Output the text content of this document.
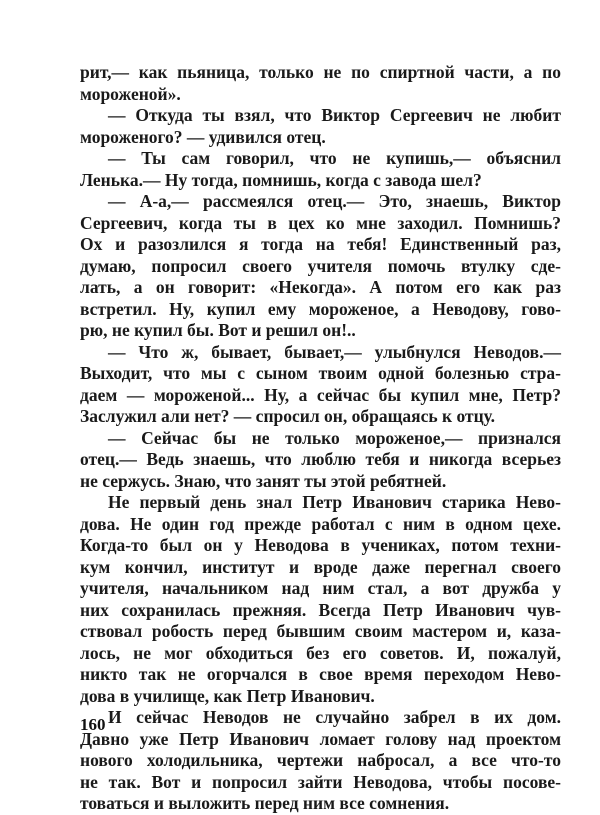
рит,— как пьяница, только не по спиртной части, а по
мороженой».
— Откуда ты взял, что Виктор Сергеевич не любит
мороженого? — удивился отец.
— Ты сам говорил, что не купишь,— объяснил
Ленька.— Ну тогда, помнишь, когда с завода шел?
— А-а,— рассмеялся отец.— Это, знаешь, Виктор
Сергеевич, когда ты в цех ко мне заходил. Помнишь?
Ох и разозлился я тогда на тебя! Единственный раз,
думаю, попросил своего учителя помочь втулку сде-
лать, а он говорит: «Некогда». А потом его как раз
встретил. Ну, купил ему мороженое, а Неводову, гово-
рю, не купил бы. Вот и решил он!..
— Что ж, бывает, бывает,— улыбнулся Неводов.—
Выходит, что мы с сыном твоим одной болезнью стра-
даем — мороженой... Ну, а сейчас бы купил мне, Петр?
Заслужил али нет? — спросил он, обращаясь к отцу.
— Сейчас бы не только мороженое,— признался
отец.— Ведь знаешь, что люблю тебя и никогда всерьез
не сержусь. Знаю, что занят ты этой ребятней.
Не первый день знал Петр Иванович старика Нево-
дова. Не один год прежде работал с ним в одном цехе.
Когда-то был он у Неводова в учениках, потом техни-
кум кончил, институт и вроде даже перегнал своего
учителя, начальником над ним стал, а вот дружба у
них сохранилась прежняя. Всегда Петр Иванович чув-
ствовал робость перед бывшим своим мастером и, каза-
лось, не мог обходиться без его советов. И, пожалуй,
никто так не огорчался в свое время переходом Нево-
дова в училище, как Петр Иванович.
И сейчас Неводов не случайно забрел в их дом.
Давно уже Петр Иванович ломает голову над проектом
нового холодильника, чертежи набросал, а все что-то
не так. Вот и попросил зайти Неводова, чтобы посове-
товаться и выложить перед ним все сомнения.
160
